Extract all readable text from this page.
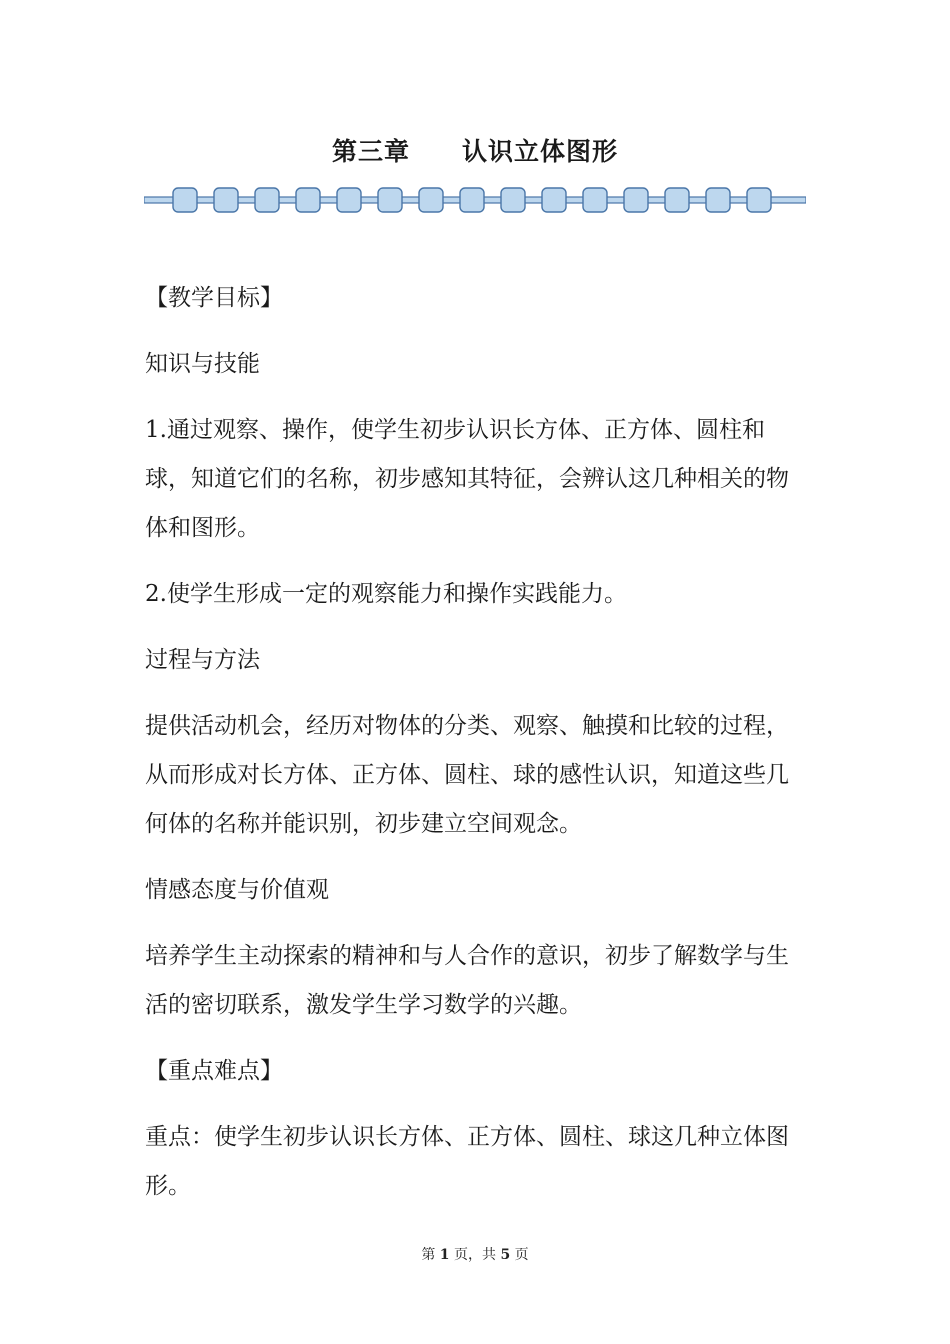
第三章　　认识立体图形

【教学目标】

知识与技能

1.通过观察、操作，使学生初步认识长方体、正方体、圆柱和球，知道它们的名称，初步感知其特征，会辨认这几种相关的物体和图形。

2.使学生形成一定的观察能力和操作实践能力。

过程与方法

提供活动机会，经历对物体的分类、观察、触摸和比较的过程，从而形成对长方体、正方体、圆柱、球的感性认识，知道这些几何体的名称并能识别，初步建立空间观念。

情感态度与价值观

培养学生主动探索的精神和与人合作的意识，初步了解数学与生活的密切联系，激发学生学习数学的兴趣。

【重点难点】

重点：使学生初步认识长方体、正方体、圆柱、球这几种立体图形。

第 1 页，共 5 页
